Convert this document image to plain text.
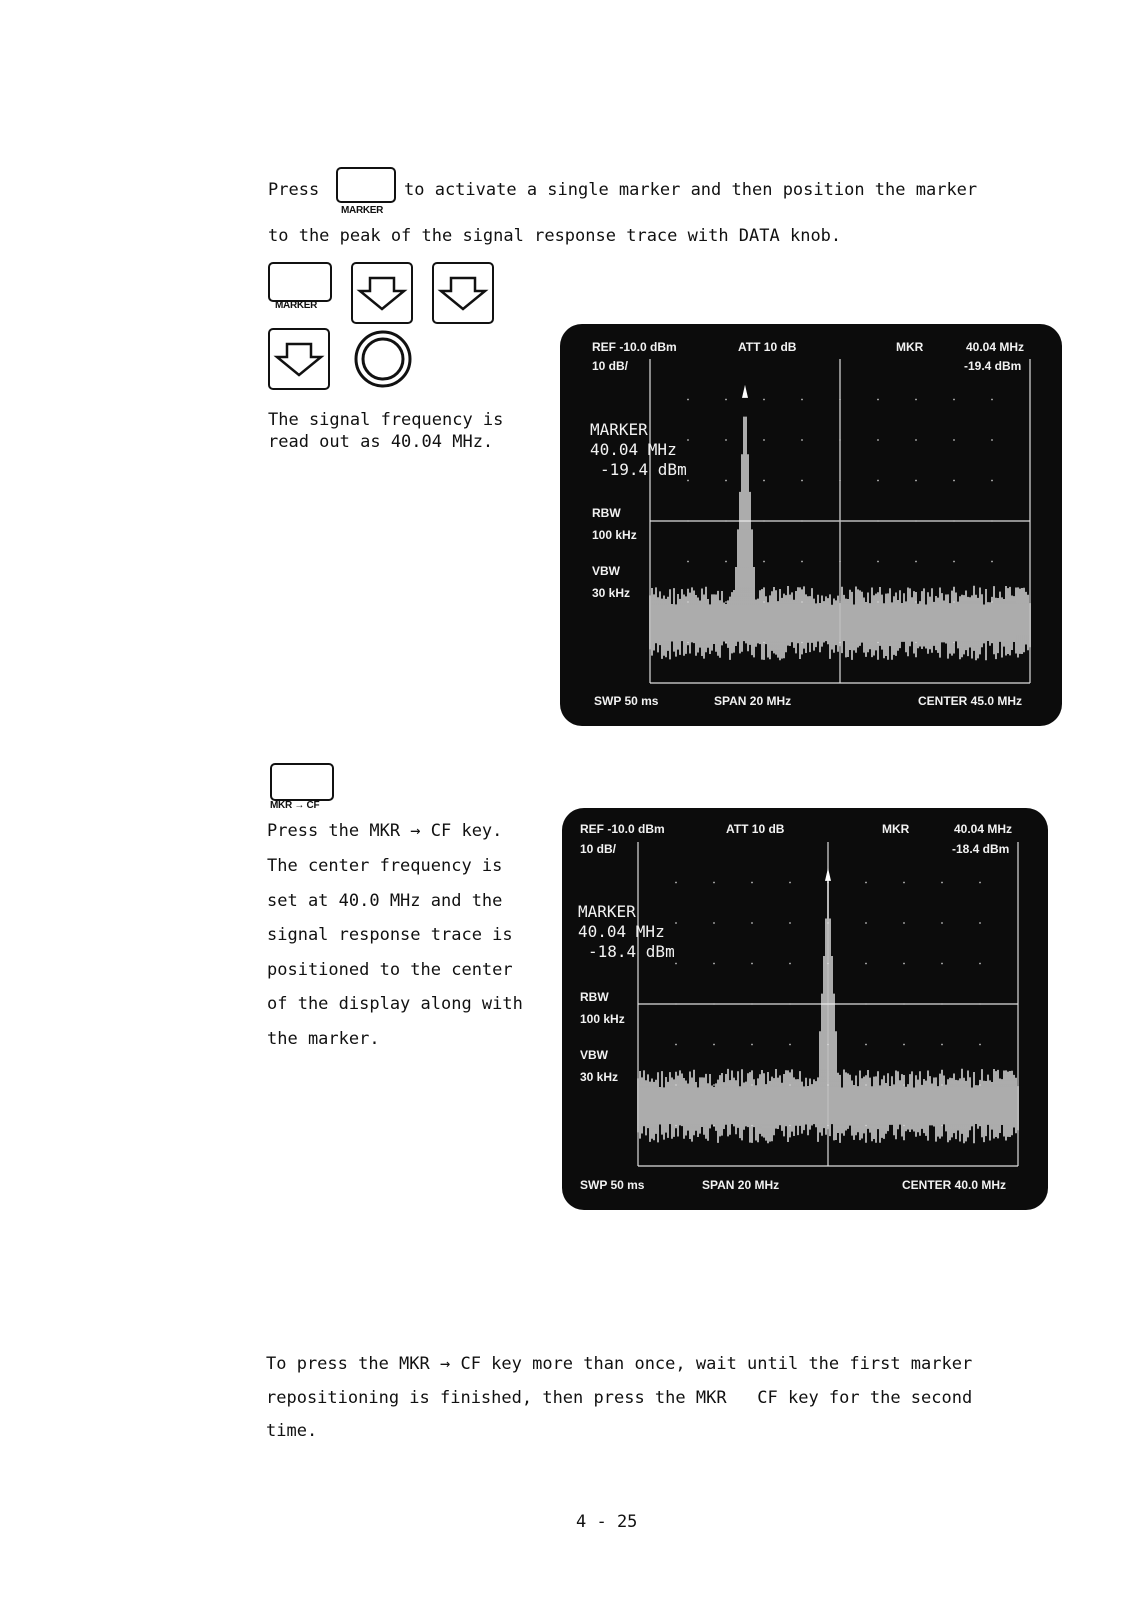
Press
MARKER
to activate a single marker and then position the marker
to the peak of the signal response trace with DATA knob.
MARKER
The signal frequency is
read out as 40.04 MHz.
REF -10.0 dBm	ATT 10 dB	MKR	40.04 MHz
-19.4 dBm
10 dB/
MARKER
40.04 MHz
-19.4 dBm
RBW
100 kHz
VBW
30 kHz
SWP 50 ms	SPAN 20 MHz	CENTER 45.0 MHz
MKR → CF
Press the MKR → CF key.
The center frequency is
set at 40.0 MHz and the
signal response trace is
positioned to the center
of the display along with
the marker.
REF -10.0 dBm	ATT 10 dB	MKR	40.04 MHz
-18.4 dBm
10 dB/
MARKER
40.04 MHz
-18.4 dBm
RBW
100 kHz
VBW
30 kHz
SWP 50 ms	SPAN 20 MHz	CENTER 40.0 MHz
To press the MKR → CF key more than once, wait until the first marker
repositioning is finished, then press the MKR   CF key for the second
time.
4 - 25
